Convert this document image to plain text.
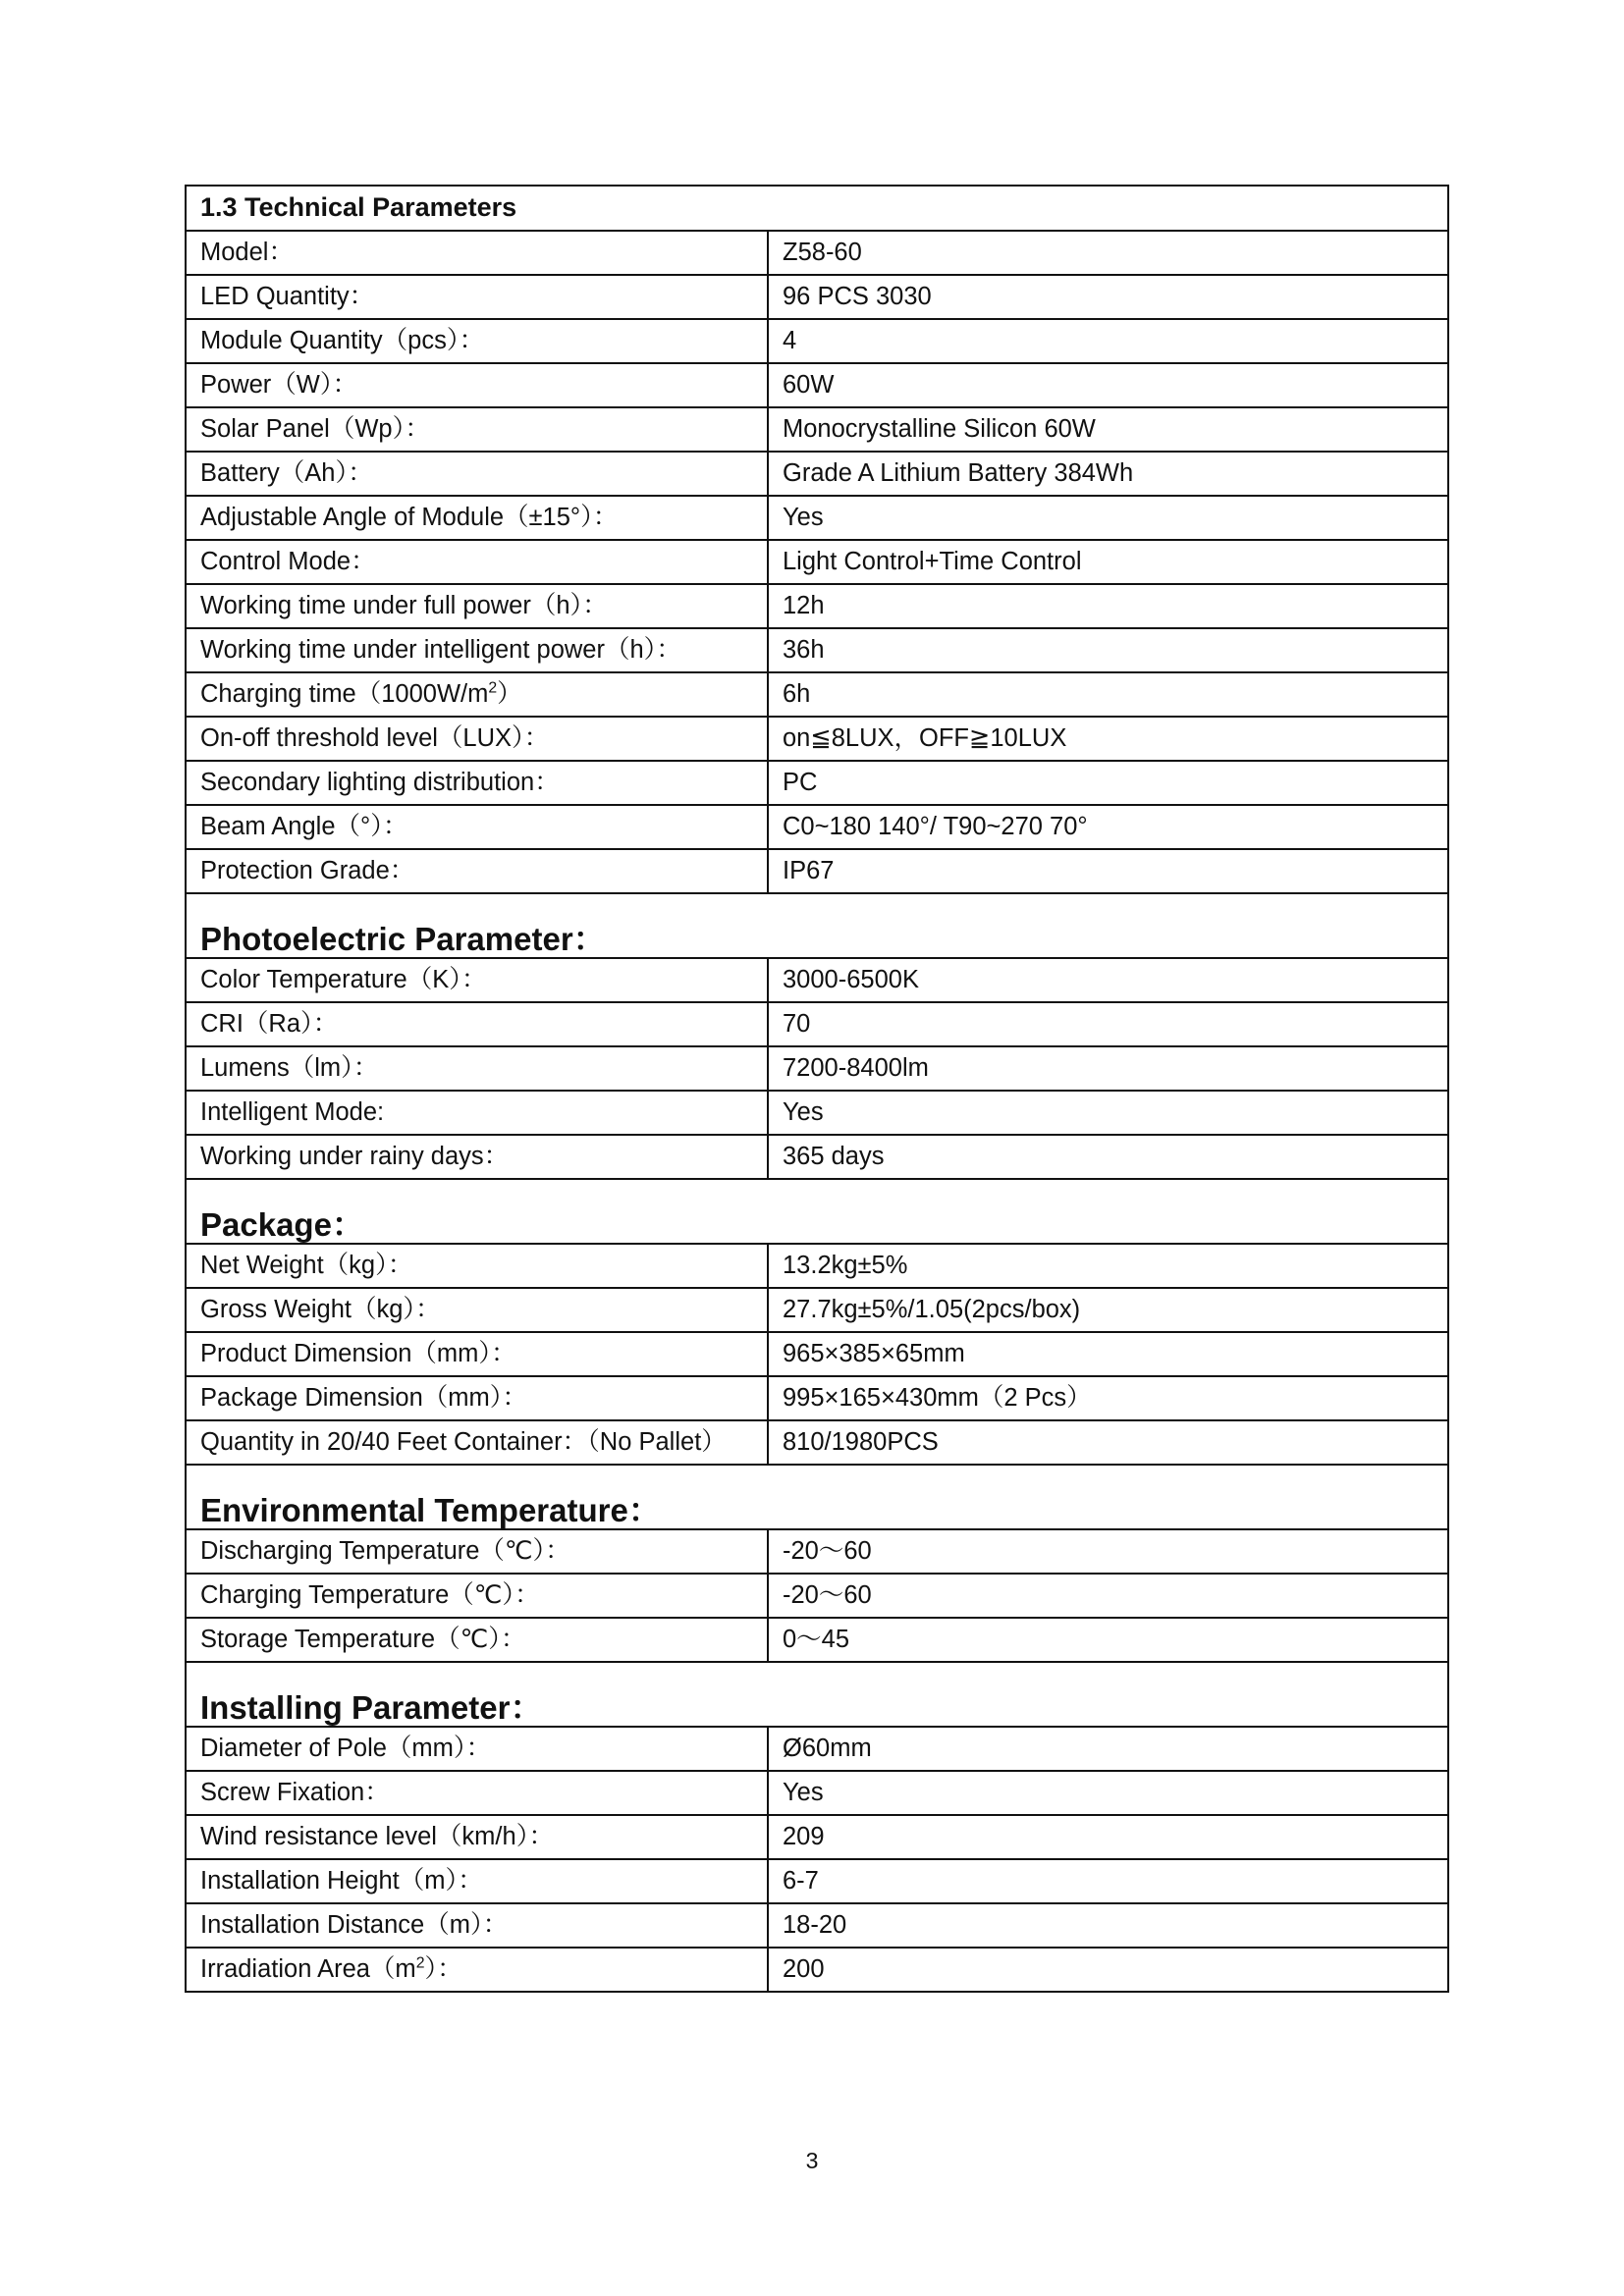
1.3 Technical Parameters	
Model：	Z58-60
LED Quantity：	96 PCS 3030
Module Quantity（pcs）：	4
Power（W）：	60W
Solar Panel（Wp）：	Monocrystalline Silicon 60W
Battery（Ah）：	Grade A Lithium Battery 384Wh
Adjustable Angle of Module（±15°）：	Yes
Control Mode：	Light Control+Time Control
Working time under full power（h）：	12h
Working time under intelligent power（h）：	36h
Charging $time(1000W/m^2)$	6h
On-off threshold level（LUX）：	on≦8LUX，OFF≧10LUX
Secondary lighting distribution：	PC
Beam Angle（°）：	C0~180 140°/ T90~270 70°
Protection Grade：	IP67
Photoelectric Parameter：	
Color Temperature（K）：	3000-6500K
CRI（Ra）：	70
Lumens（lm）：	7200-8400lm
Intelligent Mode:	Yes
Working under rainy days：	365 days
Package：	
Net Weight（kg）：	13.2kg±5%
Gross Weight（kg）：	27.7kg±5%/1.05(2pcs/box)
Product Dimension（mm）：	965×385×65mm
Package Dimension（mm）：	995×165×430mm（2 Pcs）
Quantity in 20/40 Feet Container：（No Pallet）	810/1980PCS
Environmental Temperature：	
Discharging Temperature（℃）：	-20～60
Charging Temperature（℃）：	-20～60
Storage Temperature（℃）：	0～45
Installing Parameter：	
Diameter of Pole（mm）：	Ø60mm
Screw Fixation：	Yes
Wind resistance level（km/h）：	209
Installation Height（m）：	6-7
Installation Distance（m）：	18-20
Irradiation $Area(m^2)$：	200
3
